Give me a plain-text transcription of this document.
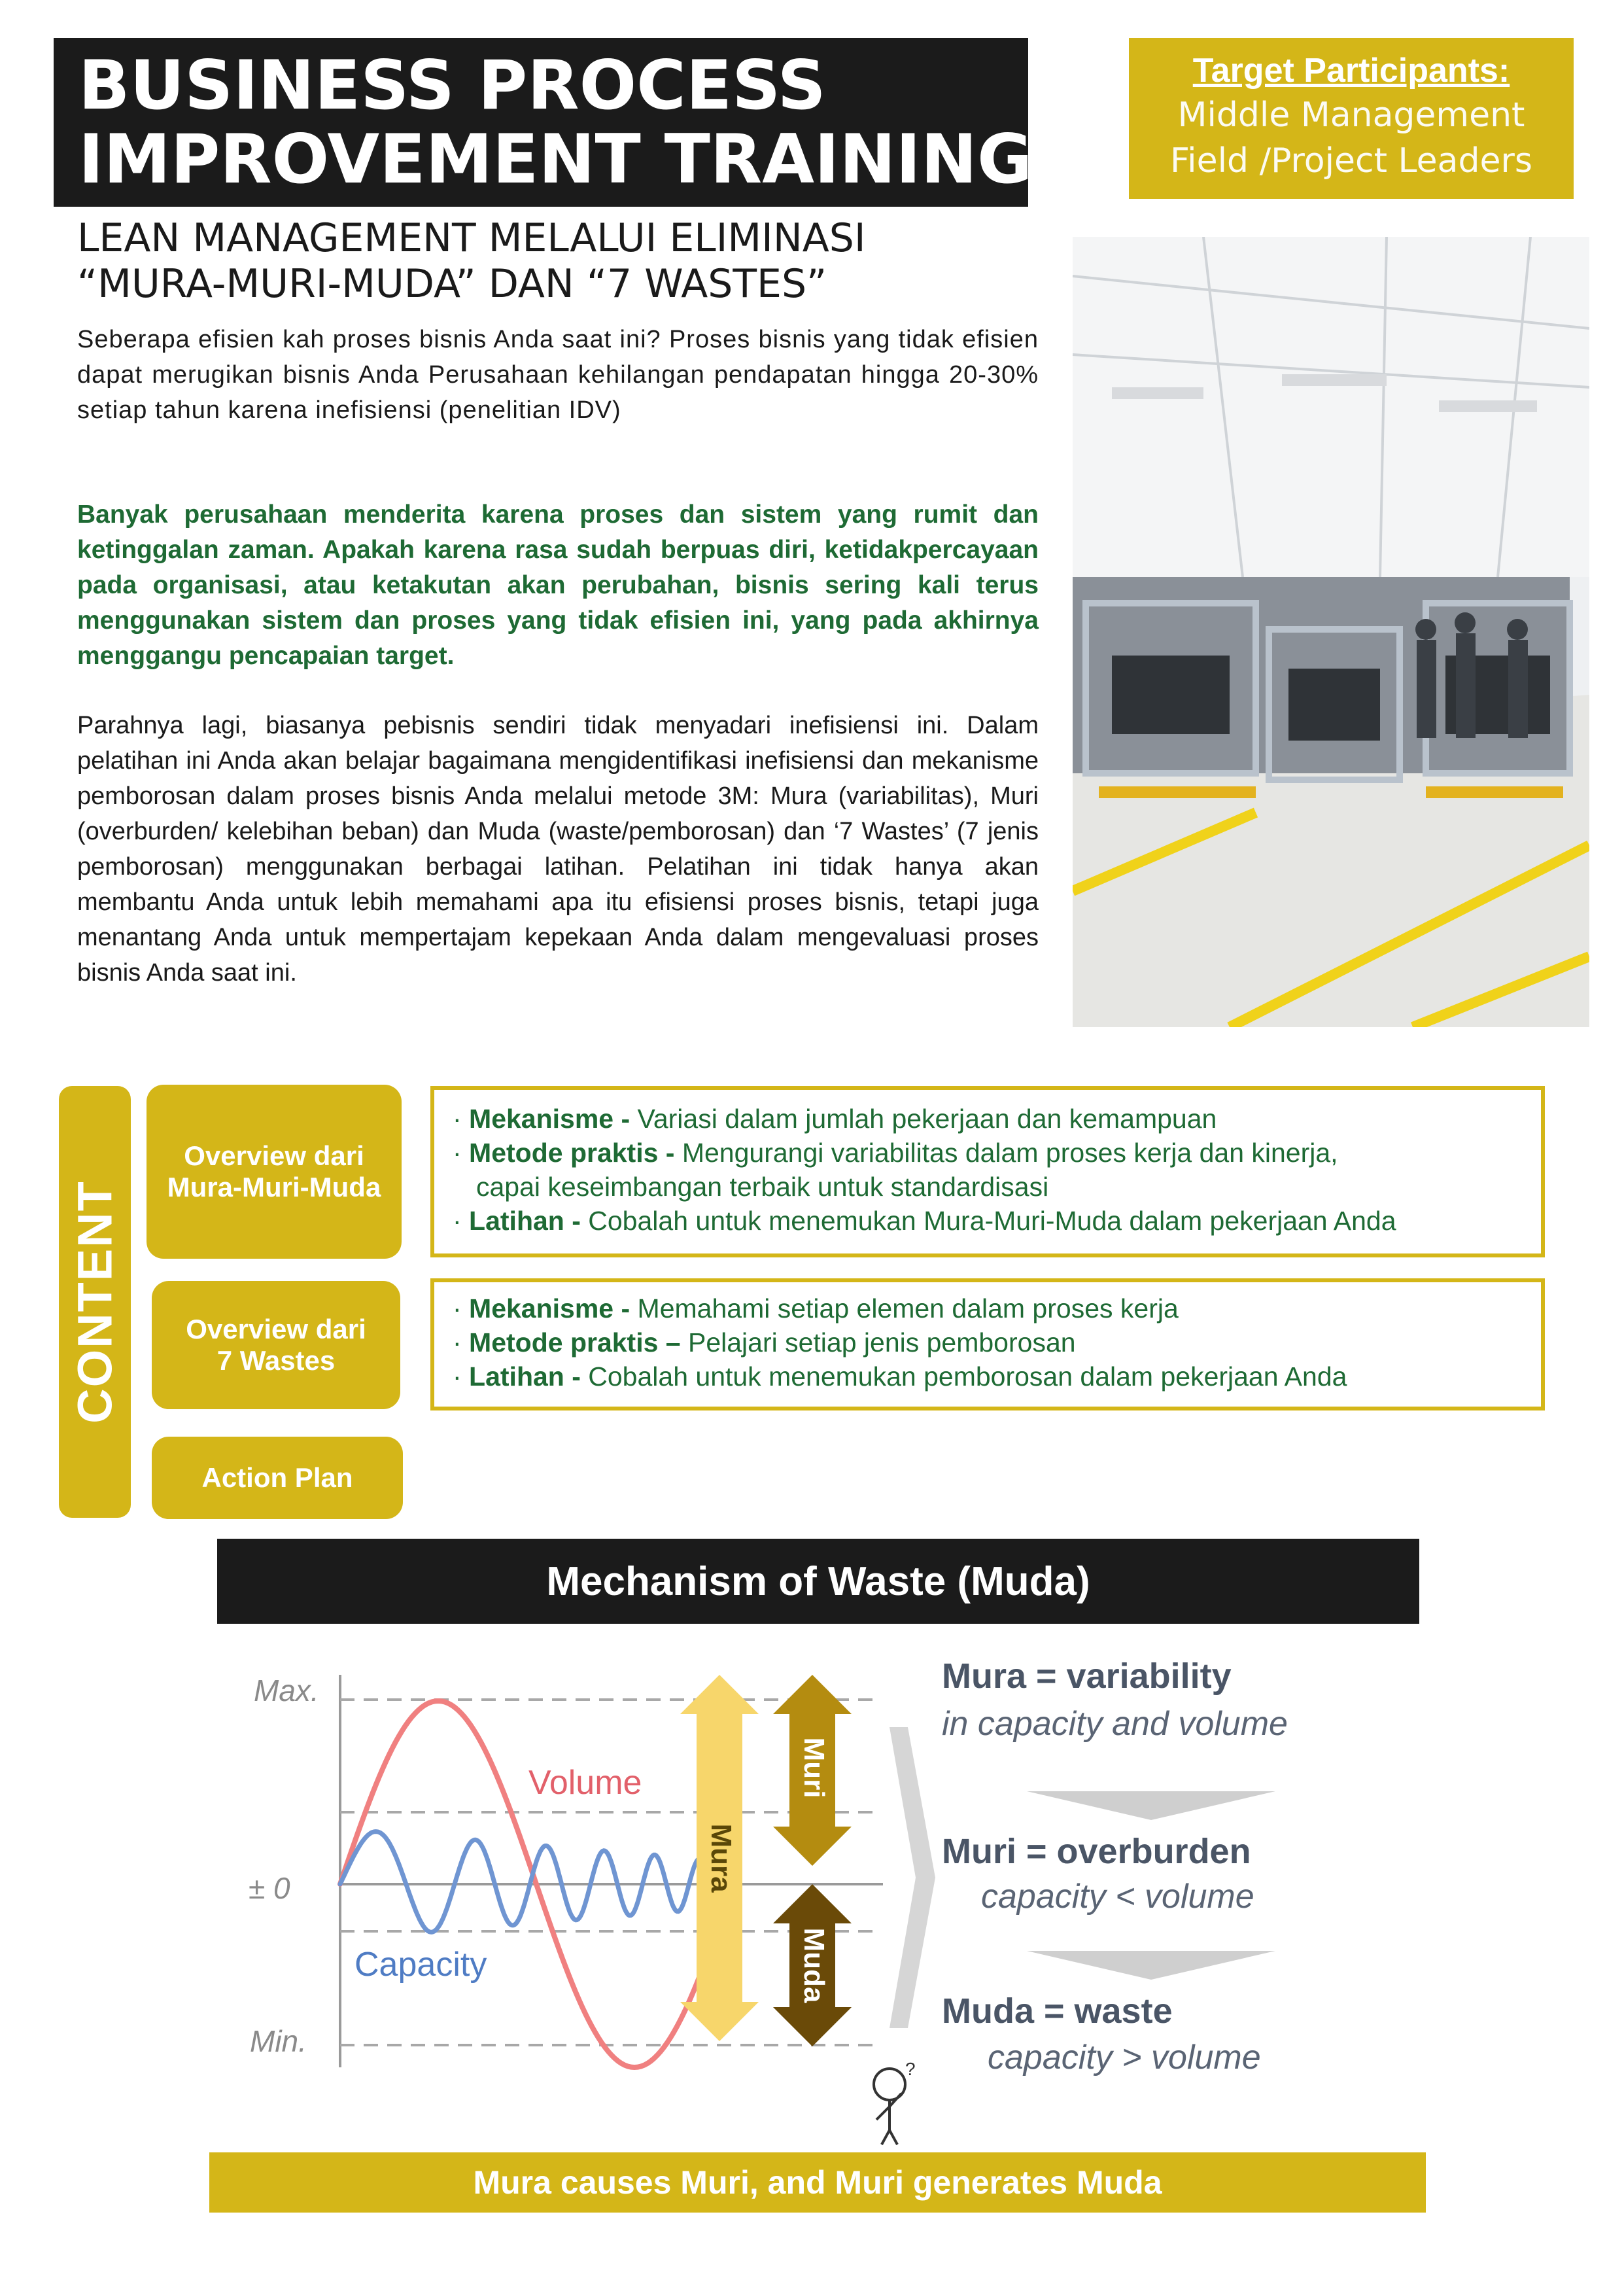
BUSINESS PROCESS
IMPROVEMENT TRAINING
Target Participants:
Middle Management
Field /Project Leaders
LEAN MANAGEMENT MELALUI ELIMINASI
“MURA-MURI-MUDA” DAN “7 WASTES”
Seberapa efisien kah proses bisnis Anda saat ini? Proses bisnis yang tidak efisien dapat merugikan bisnis Anda Perusahaan kehilangan pendapatan hingga 20-30% setiap tahun karena inefisiensi (penelitian IDV)
Banyak perusahaan menderita karena proses dan sistem yang rumit dan ketinggalan zaman. Apakah karena rasa sudah berpuas diri, ketidakpercayaan pada organisasi, atau ketakutan akan perubahan, bisnis sering kali terus menggunakan sistem dan proses yang tidak efisien ini, yang pada akhirnya menggangu pencapaian target.
Parahnya lagi, biasanya pebisnis sendiri tidak menyadari inefisiensi ini. Dalam pelatihan ini Anda akan belajar bagaimana mengidentifikasi inefisiensi dan mekanisme pemborosan dalam proses bisnis Anda melalui metode 3M: Mura (variabilitas), Muri (overburden/ kelebihan beban) dan Muda (waste/pemborosan) dan ‘7 Wastes’ (7 jenis pemborosan) menggunakan berbagai latihan. Pelatihan ini tidak hanya akan membantu Anda untuk lebih memahami apa itu efisiensi proses bisnis, tetapi juga menantang Anda untuk mempertajam kepekaan Anda dalam mengevaluasi proses bisnis Anda saat ini.
CONTENT
Overview dari
Mura-Muri-Muda
Overview dari
7 Wastes
Action Plan
· Mekanisme - Variasi dalam jumlah pekerjaan dan kemampuan
· Metode praktis - Mengurangi variabilitas dalam proses kerja dan kinerja,
capai keseimbangan terbaik untuk standardisasi
· Latihan - Cobalah untuk menemukan Mura-Muri-Muda dalam pekerjaan Anda
· Mekanisme - Memahami setiap elemen dalam proses kerja
· Metode praktis – Pelajari setiap jenis pemborosan
· Latihan - Cobalah untuk menemukan pemborosan dalam pekerjaan Anda
Mechanism of Waste (Muda)
Max.
± 0
Min.
Volume
Capacity
Mura
Muri
Muda
Mura = variability
in capacity and volume
Muri = overburden
capacity < volume
Muda = waste
capacity > volume
?
Mura causes Muri, and Muri generates Muda
